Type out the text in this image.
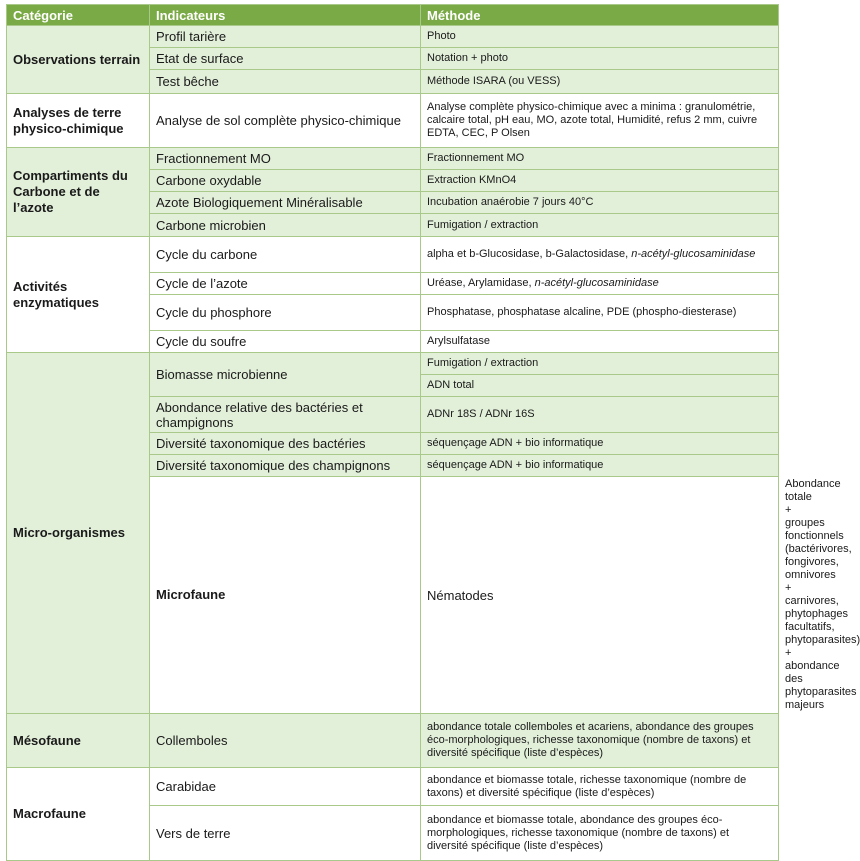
Catégorie	Indicateurs	Méthode	
Observations terrain	Profil tarière	Photo	
	Etat de surface	Notation + photo	
	Test bêche	Méthode ISARA (ou VESS)	
Analyses de terre physico-chimique	Analyse de sol complète physico-chimique	Analyse complète physico-chimique avec a minima : granulométrie, calcaire total, pH eau, MO, azote total, Humidité, refus 2 mm, cuivre EDTA, CEC, P Olsen	
Compartiments du Carbone et de l’azote	Fractionnement MO	Fractionnement MO	
	Carbone oxydable	Extraction KMnO4	
	Azote Biologiquement Minéralisable	Incubation anaérobie 7 jours 40°C	
	Carbone microbien	Fumigation / extraction	
Activités enzymatiques	Cycle du carbone	alpha et b-Glucosidase, b-Galactosidase, n-acétyl-glucosaminidase	
	Cycle de l’azote	Uréase, Arylamidase, n-acétyl-glucosaminidase	
	Cycle du phosphore	Phosphatase, phosphatase alcaline, PDE (phospho-diesterase)	
	Cycle du soufre	Arylsulfatase	
Micro-organismes	Biomasse microbienne	Fumigation / extraction	
		ADN total	
	Abondance relative des bactéries et champignons	ADNr 18S / ADNr 16S	
	Diversité taxonomique des bactéries	séquençage ADN + bio informatique	
	Diversité taxonomique des champignons	séquençage ADN + bio informatique	
	Microfaune	Nématodes	Abondance totale + groupes fonctionnels (bactérivores, fongivores, omnivores + carnivores, phytophages facultatifs, phytoparasites) + abondance des phytoparasites majeurs
Mésofaune	Collemboles	abondance totale collemboles et acariens, abondance des groupes éco-morphologiques, richesse taxonomique (nombre de taxons) et diversité spécifique (liste d’espèces)	
Macrofaune	Carabidae	abondance et biomasse totale, richesse taxonomique (nombre de taxons) et diversité spécifique (liste d’espèces)	
	Vers de terre	abondance et biomasse totale, abondance des groupes éco-morphologiques, richesse taxonomique (nombre de taxons) et diversité spécifique (liste d’espèces)	
